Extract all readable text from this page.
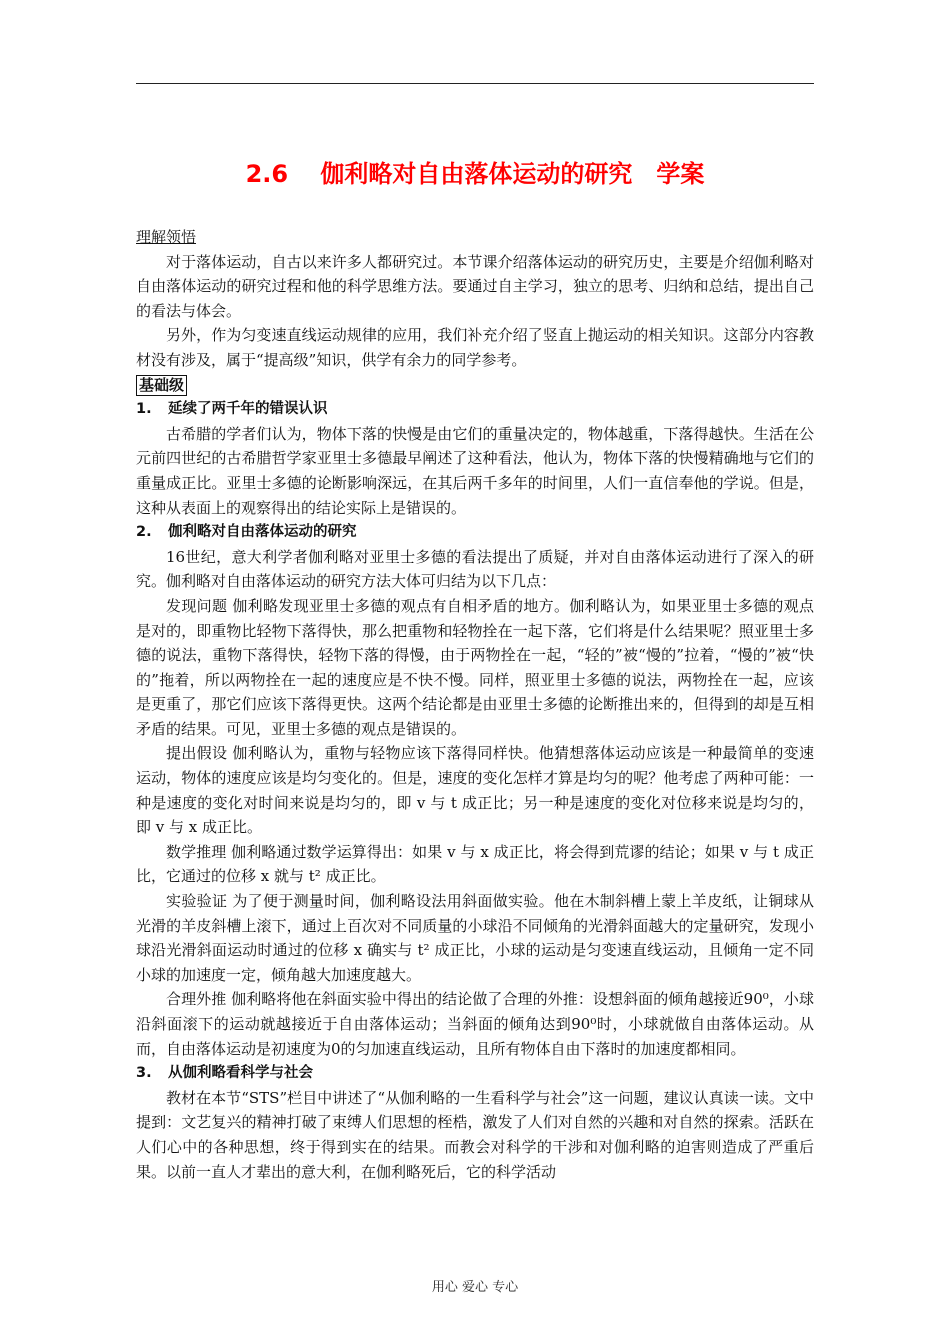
2.6　 伽利略对自由落体运动的研究　学案

理解领悟

对于落体运动，自古以来许多人都研究过。本节课介绍落体运动的研究历史，主要是介绍伽利略对自由落体运动的研究过程和他的科学思维方法。要通过自主学习，独立的思考、归纳和总结，提出自己的看法与体会。

另外，作为匀变速直线运动规律的应用，我们补充介绍了竖直上抛运动的相关知识。这部分内容教材没有涉及，属于“提高级”知识，供学有余力的同学参考。

基础级

1. 延续了两千年的错误认识

古希腊的学者们认为，物体下落的快慢是由它们的重量决定的，物体越重，下落得越快。生活在公元前四世纪的古希腊哲学家亚里士多德最早阐述了这种看法，他认为，物体下落的快慢精确地与它们的重量成正比。亚里士多德的论断影响深远，在其后两千多年的时间里，人们一直信奉他的学说。但是，这种从表面上的观察得出的结论实际上是错误的。

2. 伽利略对自由落体运动的研究

16世纪，意大利学者伽利略对亚里士多德的看法提出了质疑，并对自由落体运动进行了深入的研究。伽利略对自由落体运动的研究方法大体可归结为以下几点：

发现问题 伽利略发现亚里士多德的观点有自相矛盾的地方。伽利略认为，如果亚里士多德的观点是对的，即重物比轻物下落得快，那么把重物和轻物拴在一起下落，它们将是什么结果呢？照亚里士多德的说法，重物下落得快，轻物下落的得慢，由于两物拴在一起，“轻的”被“慢的”拉着，“慢的”被“快的”拖着，所以两物拴在一起的速度应是不快不慢。同样，照亚里士多德的说法，两物拴在一起，应该是更重了，那它们应该下落得更快。这两个结论都是由亚里士多德的论断推出来的，但得到的却是互相矛盾的结果。可见，亚里士多德的观点是错误的。

提出假设 伽利略认为，重物与轻物应该下落得同样快。他猜想落体运动应该是一种最简单的变速运动，物体的速度应该是均匀变化的。但是，速度的变化怎样才算是均匀的呢？他考虑了两种可能：一种是速度的变化对时间来说是均匀的，即 v 与 t 成正比；另一种是速度的变化对位移来说是均匀的，即 v 与 x 成正比。

数学推理 伽利略通过数学运算得出：如果 v 与 x 成正比，将会得到荒谬的结论；如果 v 与 t 成正比，它通过的位移 x 就与 t² 成正比。

实验验证 为了便于测量时间，伽利略设法用斜面做实验。他在木制斜槽上蒙上羊皮纸，让铜球从光滑的羊皮斜槽上滚下，通过上百次对不同质量的小球沿不同倾角的光滑斜面越大的定量研究，发现小球沿光滑斜面运动时通过的位移 x 确实与 t² 成正比，小球的运动是匀变速直线运动，且倾角一定不同小球的加速度一定，倾角越大加速度越大。

合理外推 伽利略将他在斜面实验中得出的结论做了合理的外推：设想斜面的倾角越接近90⁰，小球沿斜面滚下的运动就越接近于自由落体运动；当斜面的倾角达到90⁰时，小球就做自由落体运动。从而，自由落体运动是初速度为0的匀加速直线运动，且所有物体自由下落时的加速度都相同。

3. 从伽利略看科学与社会

教材在本节“STS”栏目中讲述了“从伽利略的一生看科学与社会”这一问题，建议认真读一读。文中提到：文艺复兴的精神打破了束缚人们思想的桎梏，激发了人们对自然的兴趣和对自然的探索。活跃在人们心中的各种思想，终于得到实在的结果。而教会对科学的干涉和对伽利略的迫害则造成了严重后果。以前一直人才辈出的意大利，在伽利略死后，它的科学活动

用心 爱心 专心
